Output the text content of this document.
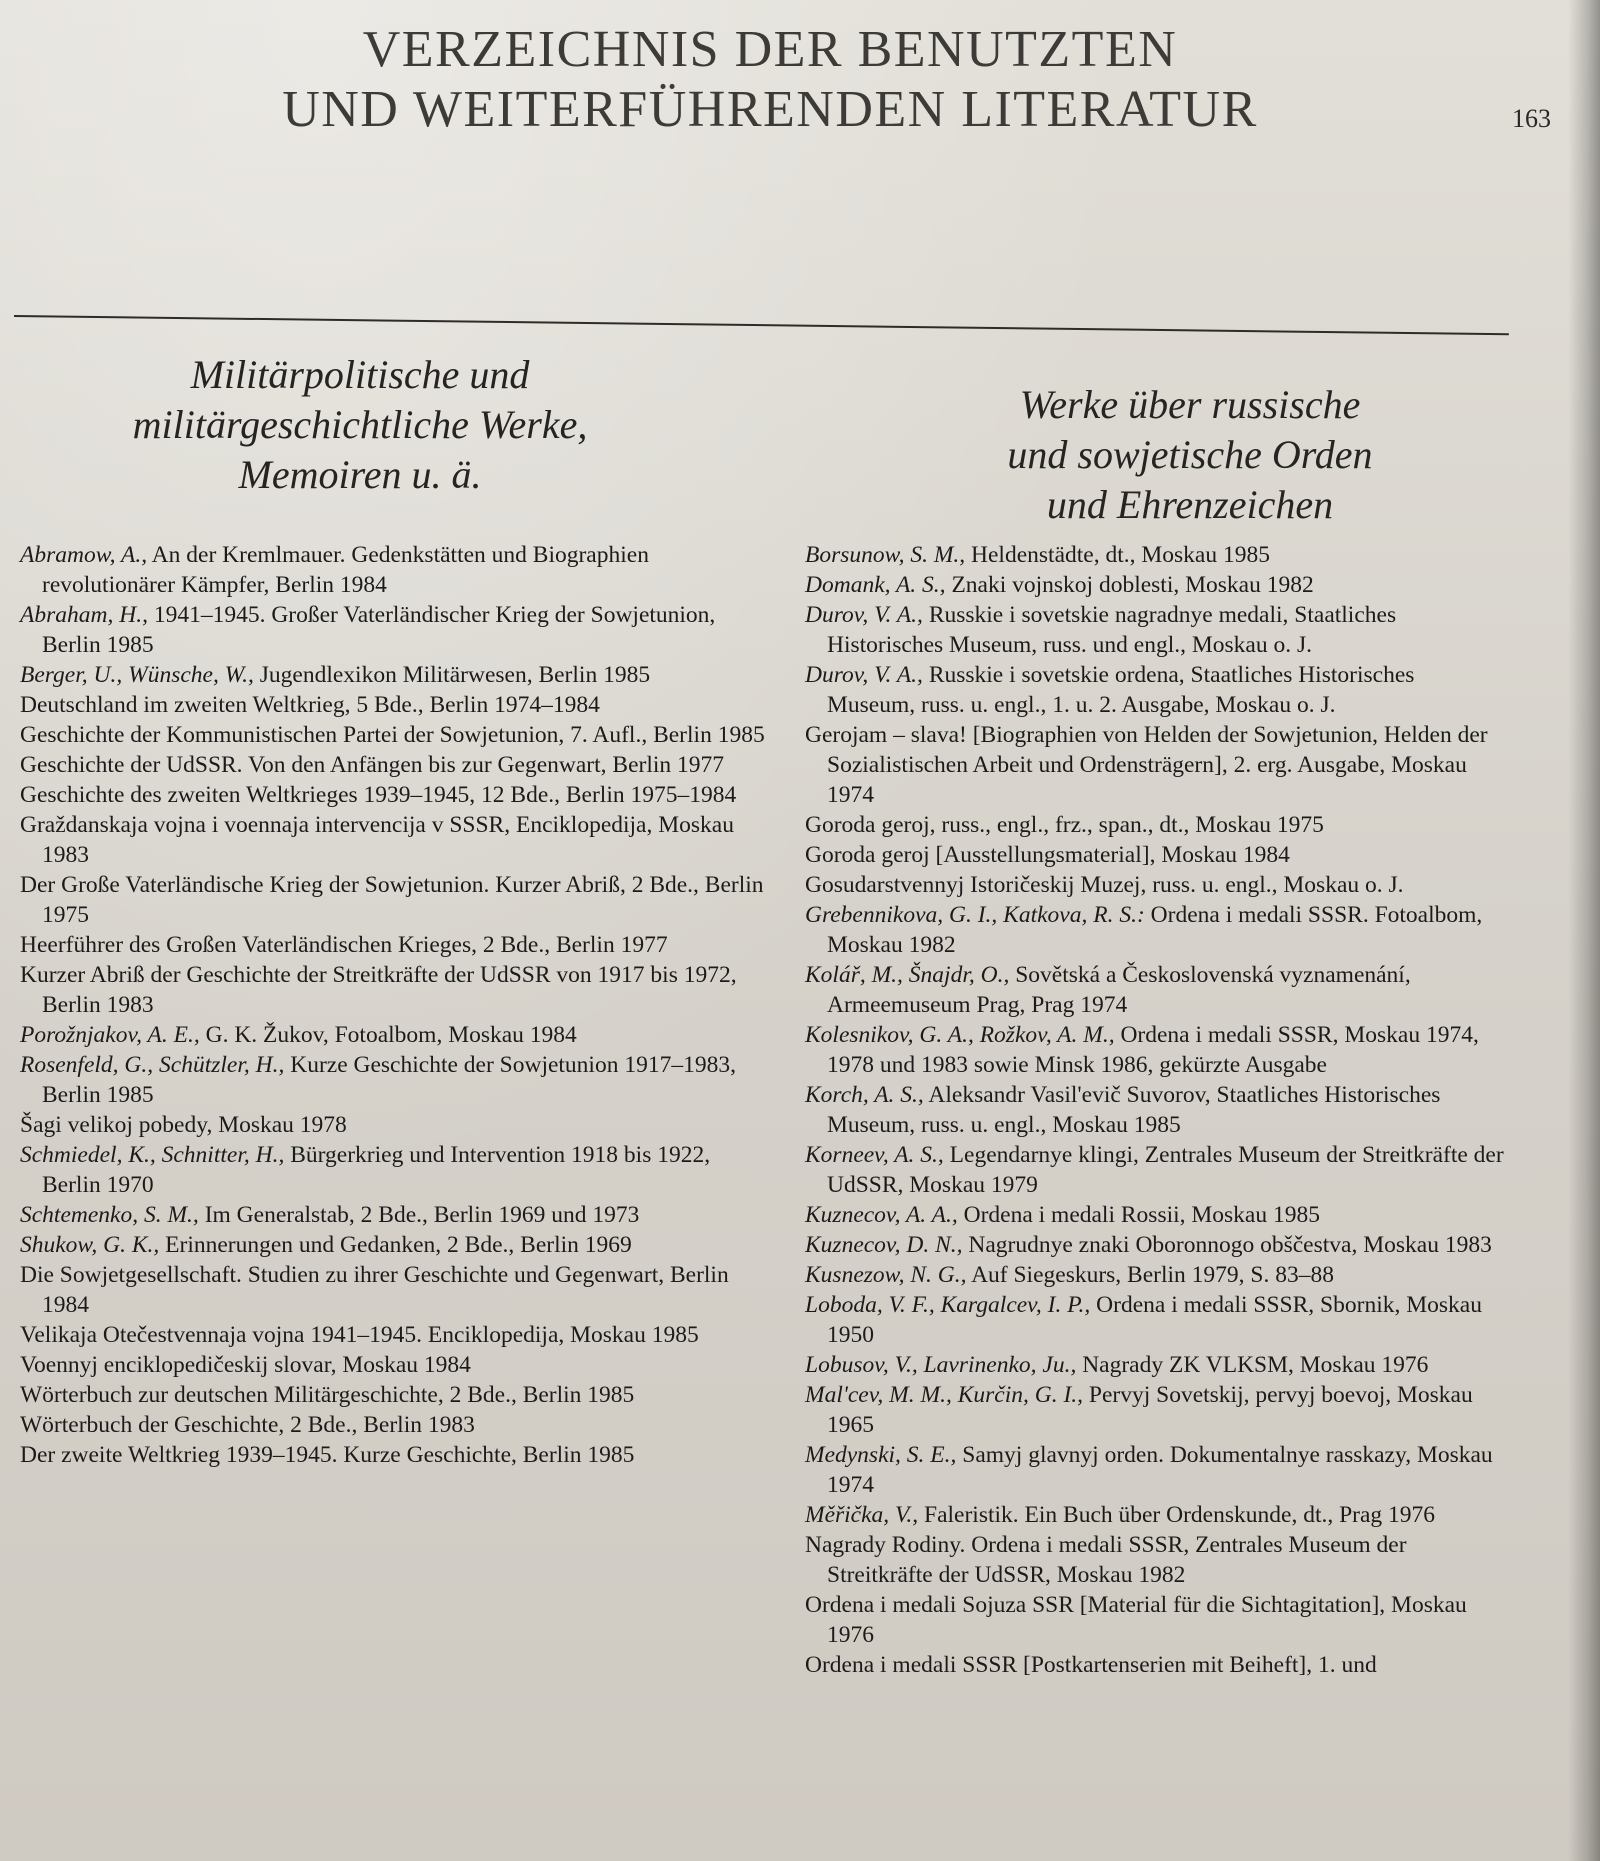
VERZEICHNIS DER BENUTZTEN
UND WEITERFÜHRENDEN LITERATUR	163
Militärpolitische und
militärgeschichtliche Werke,
Memoiren u. ä.
Werke über russische
und sowjetische Orden
und Ehrenzeichen
Abramow, A., An der Kremlmauer. Gedenkstätten und Biographien revolutionärer Kämpfer, Berlin 1984
Abraham, H., 1941–1945. Großer Vaterländischer Krieg der Sowjetunion, Berlin 1985
Berger, U., Wünsche, W., Jugendlexikon Militärwesen, Berlin 1985
Deutschland im zweiten Weltkrieg, 5 Bde., Berlin 1974–1984
Geschichte der Kommunistischen Partei der Sowjetunion, 7. Aufl., Berlin 1985
Geschichte der UdSSR. Von den Anfängen bis zur Gegenwart, Berlin 1977
Geschichte des zweiten Weltkrieges 1939–1945, 12 Bde., Berlin 1975–1984
Graždanskaja vojna i voennaja intervencija v SSSR, Enciklopedija, Moskau 1983
Der Große Vaterländische Krieg der Sowjetunion. Kurzer Abriß, 2 Bde., Berlin 1975
Heerführer des Großen Vaterländischen Krieges, 2 Bde., Berlin 1977
Kurzer Abriß der Geschichte der Streitkräfte der UdSSR von 1917 bis 1972, Berlin 1983
Porožnjakov, A. E., G. K. Žukov, Fotoalbom, Moskau 1984
Rosenfeld, G., Schützler, H., Kurze Geschichte der Sowjetunion 1917–1983, Berlin 1985
Šagi velikoj pobedy, Moskau 1978
Schmiedel, K., Schnitter, H., Bürgerkrieg und Intervention 1918 bis 1922, Berlin 1970
Schtemenko, S. M., Im Generalstab, 2 Bde., Berlin 1969 und 1973
Shukow, G. K., Erinnerungen und Gedanken, 2 Bde., Berlin 1969
Die Sowjetgesellschaft. Studien zu ihrer Geschichte und Gegenwart, Berlin 1984
Velikaja Otečestvennaja vojna 1941–1945. Enciklopedija, Moskau 1985
Voennyj enciklopedičeskij slovar, Moskau 1984
Wörterbuch zur deutschen Militärgeschichte, 2 Bde., Berlin 1985
Wörterbuch der Geschichte, 2 Bde., Berlin 1983
Der zweite Weltkrieg 1939–1945. Kurze Geschichte, Berlin 1985
Borsunow, S. M., Heldenstädte, dt., Moskau 1985
Domank, A. S., Znaki vojnskoj doblesti, Moskau 1982
Durov, V. A., Russkie i sovetskie nagradnye medali, Staatliches Historisches Museum, russ. und engl., Moskau o. J.
Durov, V. A., Russkie i sovetskie ordena, Staatliches Historisches Museum, russ. u. engl., 1. u. 2. Ausgabe, Moskau o. J.
Gerojam – slava! [Biographien von Helden der Sowjetunion, Helden der Sozialistischen Arbeit und Ordensträgern], 2. erg. Ausgabe, Moskau 1974
Goroda geroj, russ., engl., frz., span., dt., Moskau 1975
Goroda geroj [Ausstellungsmaterial], Moskau 1984
Gosudarstvennyj Istoričeskij Muzej, russ. u. engl., Moskau o. J.
Grebennikova, G. I., Katkova, R. S.: Ordena i medali SSSR. Fotoalbom, Moskau 1982
Kolář, M., Šnajdr, O., Sovětská a Československá vyznamenání, Armeemuseum Prag, Prag 1974
Kolesnikov, G. A., Rožkov, A. M., Ordena i medali SSSR, Moskau 1974, 1978 und 1983 sowie Minsk 1986, gekürzte Ausgabe
Korch, A. S., Aleksandr Vasil'evič Suvorov, Staatliches Historisches Museum, russ. u. engl., Moskau 1985
Korneev, A. S., Legendarnye klingi, Zentrales Museum der Streitkräfte der UdSSR, Moskau 1979
Kuznecov, A. A., Ordena i medali Rossii, Moskau 1985
Kuznecov, D. N., Nagrudnye znaki Oboronnogo obščestva, Moskau 1983
Kusnezow, N. G., Auf Siegeskurs, Berlin 1979, S. 83–88
Loboda, V. F., Kargalcev, I. P., Ordena i medali SSSR, Sbornik, Moskau 1950
Lobusov, V., Lavrinenko, Ju., Nagrady ZK VLKSM, Moskau 1976
Mal'cev, M. M., Kurčin, G. I., Pervyj Sovetskij, pervyj boevoj, Moskau 1965
Medynski, S. E., Samyj glavnyj orden. Dokumentalnye rasskazy, Moskau 1974
Měřička, V., Faleristik. Ein Buch über Ordenskunde, dt., Prag 1976
Nagrady Rodiny. Ordena i medali SSSR, Zentrales Museum der Streitkräfte der UdSSR, Moskau 1982
Ordena i medali Sojuza SSR [Material für die Sichtagitation], Moskau 1976
Ordena i medali SSSR [Postkartenserien mit Beiheft], 1. und
